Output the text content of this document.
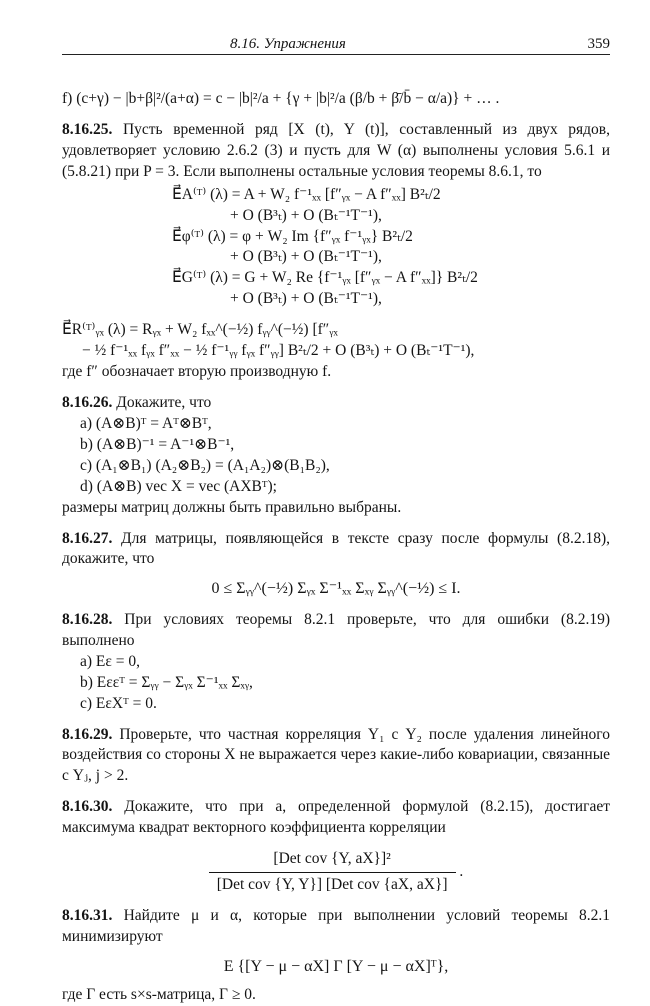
8.16. Упражнения	359
f) (c+γ) − |b+β|²/(a+α) = c − |b|²/a + {γ + |b|²/a (β/b + β̄/b̄ − α/a)} + … .

8.16.25. Пусть временной ряд [X (t), Y (t)], составленный из двух рядов, удовлетворяет условию 2.6.2 (3) и пусть для W (α) выполнены условия 5.6.1 и (5.8.21) при P = 3. Если выполнены остальные условия теоремы 8.6.1, то

E⃗A⁽ᵀ⁾ (λ) = A + W₂ f⁻¹ₓₓ [f″ᵧₓ − A f″ₓₓ] B²ₜ/2
+ O (B³ₜ) + O (Bₜ⁻¹T⁻¹),
E⃗φ⁽ᵀ⁾ (λ) = φ + W₂ Im {f″ᵧₓ f⁻¹ᵧₓ} B²ₜ/2
+ O (B³ₜ) + O (Bₜ⁻¹T⁻¹),
E⃗G⁽ᵀ⁾ (λ) = G + W₂ Re {f⁻¹ᵧₓ [f″ᵧₓ − A f″ₓₓ]} B²ₜ/2
+ O (B³ₜ) + O (Bₜ⁻¹T⁻¹),
E⃗R⁽ᵀ⁾ᵧₓ (λ) = Rᵧₓ + W₂ fₓₓ^(−½) fᵧᵧ^(−½) [f″ᵧₓ
− ½ f⁻¹ₓₓ fᵧₓ f″ₓₓ − ½ f⁻¹ᵧᵧ fᵧₓ f″ᵧᵧ] B²ₜ/2 + O (B³ₜ) + O (Bₜ⁻¹T⁻¹),

где f″ обозначает вторую производную f.

8.16.26. Докажите, что

a) (A⊗B)ᵀ = Aᵀ⊗Bᵀ,
b) (A⊗B)⁻¹ = A⁻¹⊗B⁻¹,
c) (A₁⊗B₁) (A₂⊗B₂) = (A₁A₂)⊗(B₁B₂),
d) (A⊗B) vec X = vec (AXBᵀ);

размеры матриц должны быть правильно выбраны.

8.16.27. Для матрицы, появляющейся в тексте сразу после формулы (8.2.18), докажите, что

0 ≤ Σᵧᵧ^(−½) Σᵧₓ Σ⁻¹ₓₓ Σₓᵧ Σᵧᵧ^(−½) ≤ I.

8.16.28. При условиях теоремы 8.2.1 проверьте, что для ошибки (8.2.19) выполнено

a) Eε = 0,
b) Eεεᵀ = Σᵧᵧ − Σᵧₓ Σ⁻¹ₓₓ Σₓᵧ,
c) EεXᵀ = 0.

8.16.29. Проверьте, что частная корреляция Y₁ с Y₂ после удаления линейного воздействия со стороны X не выражается через какие-либо ковариации, связанные с Yⱼ, j > 2.

8.16.30. Докажите, что при a, определенной формулой (8.2.15), достигает максимума квадрат векторного коэффициента корреляции

$\frac{\text{[Det cov \{Y, aX\}]²}}{\text{[Det cov \{Y, Y\}] [Det cov \{aX, aX\}]}}$ .

8.16.31. Найдите μ и α, которые при выполнении условий теоремы 8.2.1 минимизируют

E {[Y − μ − αX] Γ [Y − μ − αX]ᵀ},

где Γ есть s×s-матрица, Γ ≥ 0.
